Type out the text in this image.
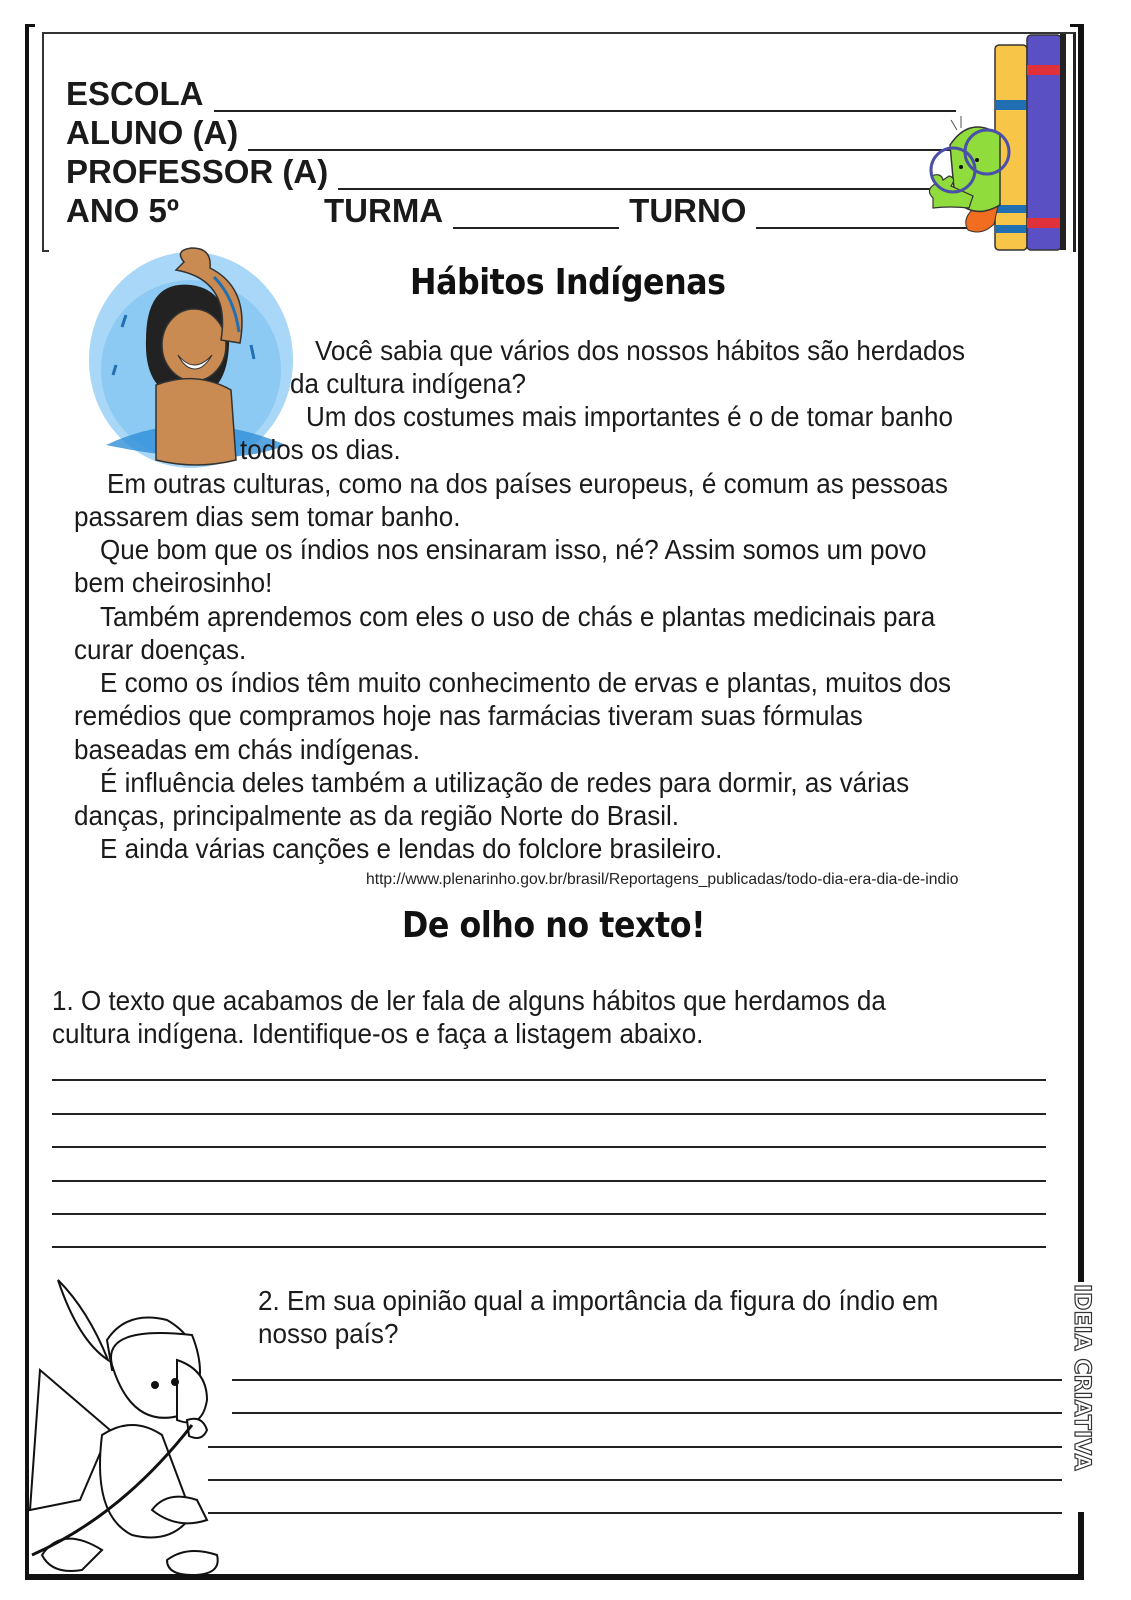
ESCOLA
ALUNO (A)
PROFESSOR (A)
ANO 5º	TURMA	TURNO
Hábitos Indígenas
Você sabia que vários dos nossos hábitos são herdados
da cultura indígena?
Um dos costumes mais importantes é o de tomar banho
todos os dias.
Em outras culturas, como na dos países europeus, é comum as pessoas
passarem dias sem tomar banho.
Que bom que os índios nos ensinaram isso, né? Assim somos um povo
bem cheirosinho!
Também aprendemos com eles o uso de chás e plantas medicinais para
curar doenças.
E como os índios têm muito conhecimento de ervas e plantas, muitos dos
remédios que compramos hoje nas farmácias tiveram suas fórmulas
baseadas em chás indígenas.
É influência deles também a utilização de redes para dormir, as várias
danças, principalmente as da região Norte do Brasil.
E ainda várias canções e lendas do folclore brasileiro.
http://www.plenarinho.gov.br/brasil/Reportagens_publicadas/todo-dia-era-dia-de-indio
De olho no texto!
1. O texto que acabamos de ler fala de alguns hábitos que herdamos da
cultura indígena. Identifique-os e faça a listagem abaixo.
2. Em sua opinião qual a importância da figura do índio em
nosso país?	IDEIA CRIATIVA
